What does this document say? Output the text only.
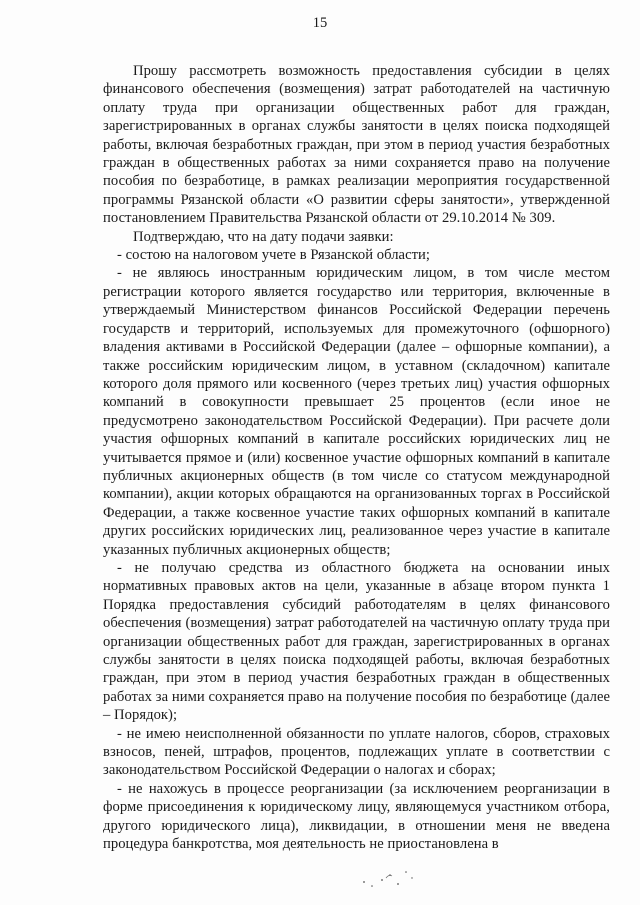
15

Прошу рассмотреть возможность предоставления субсидии в целях финансового обеспечения (возмещения) затрат работодателей на частичную оплату труда при организации общественных работ для граждан, зарегистрированных в органах службы занятости в целях поиска подходящей работы, включая безработных граждан, при этом в период участия безработных граждан в общественных работах за ними сохраняется право на получение пособия по безработице, в рамках реализации мероприятия государственной программы Рязанской области «О развитии сферы занятости», утвержденной постановлением Правительства Рязанской области от 29.10.2014 № 309.

Подтверждаю, что на дату подачи заявки:

- состою на налоговом учете в Рязанской области;

- не являюсь иностранным юридическим лицом, в том числе местом регистрации которого является государство или территория, включенные в утверждаемый Министерством финансов Российской Федерации перечень государств и территорий, используемых для промежуточного (офшорного) владения активами в Российской Федерации (далее – офшорные компании), а также российским юридическим лицом, в уставном (складочном) капитале которого доля прямого или косвенного (через третьих лиц) участия офшорных компаний в совокупности превышает 25 процентов (если иное не предусмотрено законодательством Российской Федерации). При расчете доли участия офшорных компаний в капитале российских юридических лиц не учитывается прямое и (или) косвенное участие офшорных компаний в капитале публичных акционерных обществ (в том числе со статусом международной компании), акции которых обращаются на организованных торгах в Российской Федерации, а также косвенное участие таких офшорных компаний в капитале других российских юридических лиц, реализованное через участие в капитале указанных публичных акционерных обществ;

- не получаю средства из областного бюджета на основании иных нормативных правовых актов на цели, указанные в абзаце втором пункта 1 Порядка предоставления субсидий работодателям в целях финансового обеспечения (возмещения) затрат работодателей на частичную оплату труда при организации общественных работ для граждан, зарегистрированных в органах службы занятости в целях поиска подходящей работы, включая безработных граждан, при этом в период участия безработных граждан в общественных работах за ними сохраняется право на получение пособия по безработице (далее – Порядок);

- не имею неисполненной обязанности по уплате налогов, сборов, страховых взносов, пеней, штрафов, процентов, подлежащих уплате в соответствии с законодательством Российской Федерации о налогах и сборах;

- не нахожусь в процессе реорганизации (за исключением реорганизации в форме присоединения к юридическому лицу, являющемуся участником отбора, другого юридического лица), ликвидации, в отношении меня не введена процедура банкротства, моя деятельность не приостановлена в
